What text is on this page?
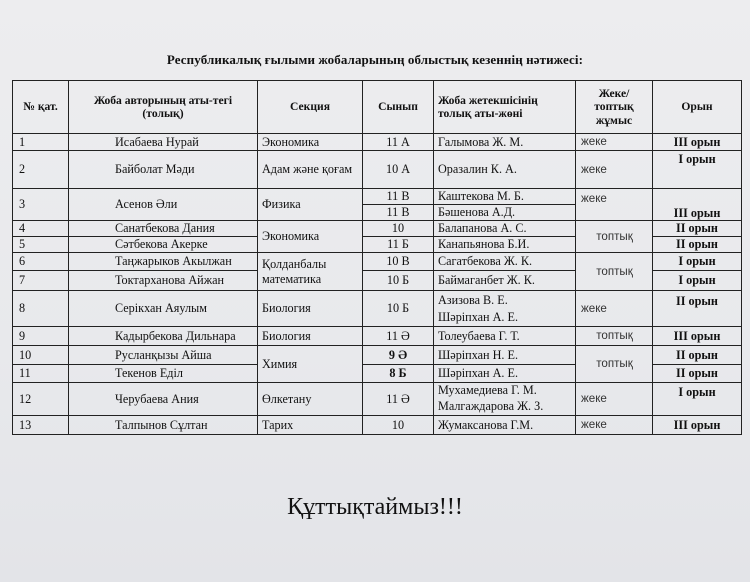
Республикалық ғылыми жобаларының облыстық кезеннің нәтижесі:
№ қат.	Жоба авторының аты-тегі (толық)	Секция	Сынып	Жоба жетекшісінің толық аты-жөні	Жеке/ топтық жұмыс	Орын
1	Исабаева Нурай	Экономика	11 А	Галымова Ж. М.	жеке	ІІІ орын
2	Байболат Мәди	Адам және қоғам	10 А	Оразалин К. А.	жеке	І орын
3	Асенов Әли	Физика	11 В	Каштекова М. Б.	жеке	ІІІ орын
			11 В	Бәшенова А.Д.		
4	Санатбекова Дания	Экономика	10	Балапанова А. С.	топтық	ІІ орын
5	Сәтбекова Акерке		11 Б	Канапьянова Б.И.		ІІ орын
6	Таңжарыков Акылжан	Қолданбалы математика	10 В	Сагатбекова Ж. К.	топтық	І орын
7	Токтарханова Айжан		10 Б	Баймаганбет Ж. К.		І орын
8	Серікхан Аяулым	Биология	10 Б	Азизова В. Е.
Шәріпхан А. Е.	жеке	ІІ орын
9	Кадырбекова Дильнара	Биология	11 Ә	Толеубаева Г. Т.	топтық	ІІІ орын
10	Русланқызы Айша	Химия	9 Ә	Шәріпхан Н. Е.	топтық	ІІ орын
11	Текенов Еділ		8 Б	Шәріпхан А. Е.		ІІ орын
12	Черубаева Ания	Өлкетану	11 Ә	Мухамедиева Г. М.
Малгаждарова Ж. З.	жеке	І орын
13	Талпынов Сұлтан	Тарих	10	Жумаксанова Г.М.	жеке	ІІІ орын
Құттықтаймыз!!!
